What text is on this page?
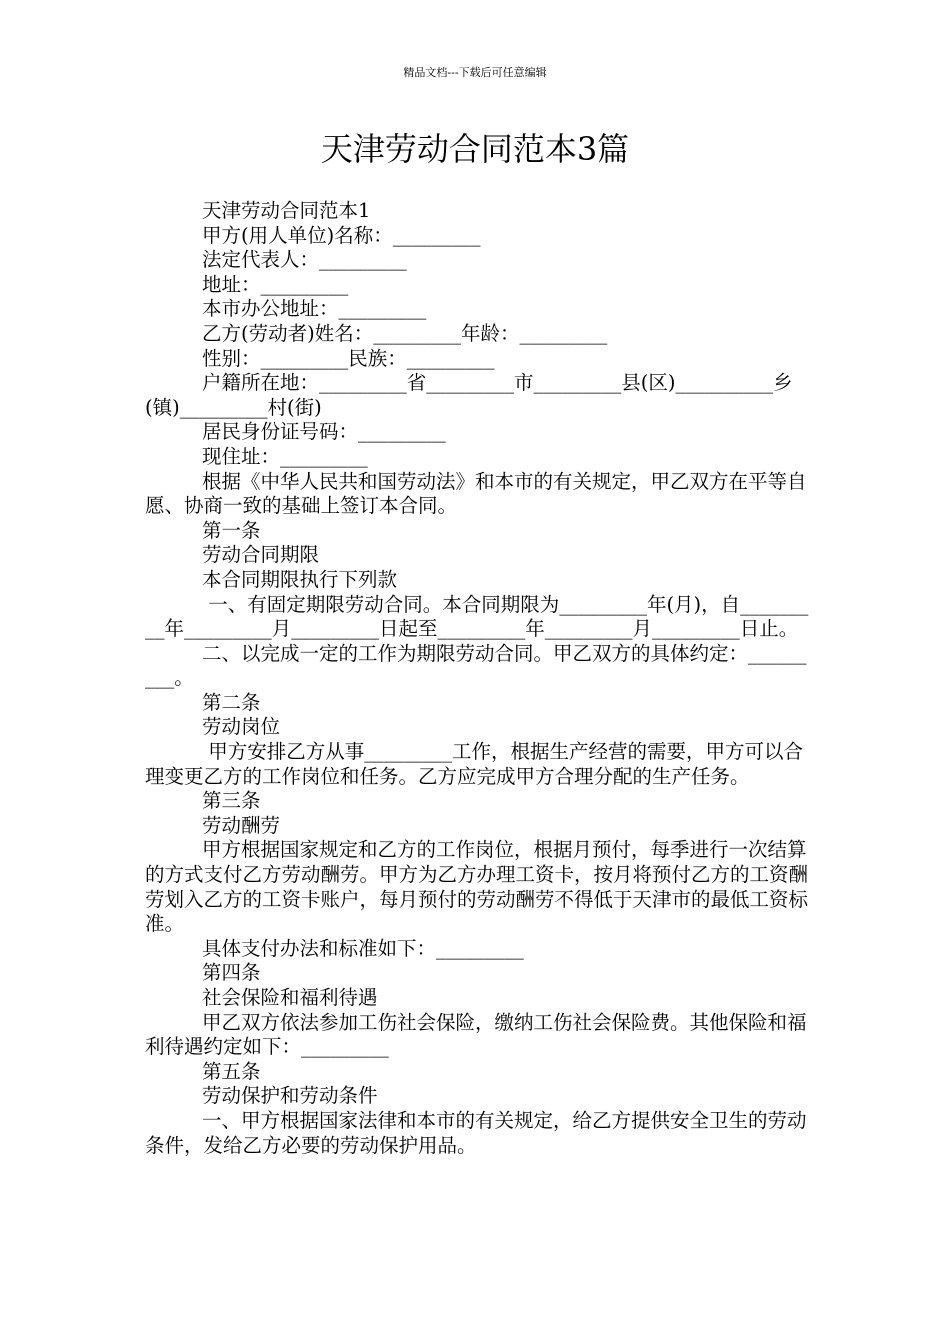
精品文档---下载后可任意编辑
天津劳动合同范本3篇

天津劳动合同范本1

甲方(用人单位)名称：_________

法定代表人：_________

地址：_________

本市办公地址：_________

乙方(劳动者)姓名：_________年龄：_________

性别：_________民族：_________

户籍所在地：_________省_________市_________县(区)__________乡(镇)_________村(街)

居民身份证号码：_________

现住址：_________

根据《中华人民共和国劳动法》和本市的有关规定，甲乙双方在平等自愿、协商一致的基础上签订本合同。

第一条

劳动合同期限

本合同期限执行下列款

一、有固定期限劳动合同。本合同期限为_________年(月)，自_________年_________月_________日起至_________年_________月_________日止。

二、以完成一定的工作为期限劳动合同。甲乙双方的具体约定：_________。

第二条

劳动岗位

甲方安排乙方从事_________工作，根据生产经营的需要，甲方可以合理变更乙方的工作岗位和任务。乙方应完成甲方合理分配的生产任务。

第三条

劳动酬劳

甲方根据国家规定和乙方的工作岗位，根据月预付，每季进行一次结算的方式支付乙方劳动酬劳。甲方为乙方办理工资卡，按月将预付乙方的工资酬劳划入乙方的工资卡账户，每月预付的劳动酬劳不得低于天津市的最低工资标准。

具体支付办法和标准如下：_________

第四条

社会保险和福利待遇

甲乙双方依法参加工伤社会保险，缴纳工伤社会保险费。其他保险和福利待遇约定如下：_________

第五条

劳动保护和劳动条件

一、甲方根据国家法律和本市的有关规定，给乙方提供安全卫生的劳动条件，发给乙方必要的劳动保护用品。
